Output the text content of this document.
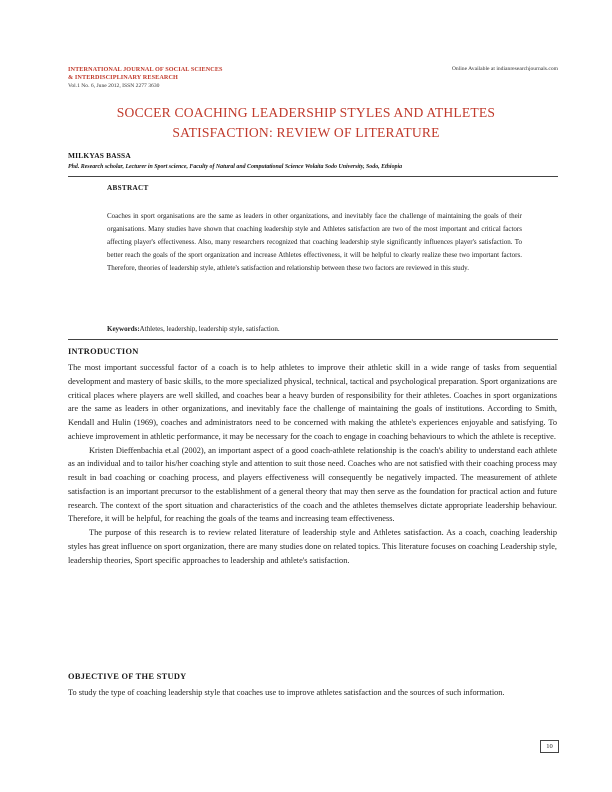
INTERNATIONAL JOURNAL OF SOCIAL SCIENCES
& INTERDISCIPLINARY RESEARCH
Vol.1 No. 6, June 2012, ISSN 2277 3630
Online Available at indianresearchjournals.com
SOCCER COACHING LEADERSHIP STYLES AND ATHLETES
SATISFACTION: REVIEW OF LITERATURE
MILKYAS BASSA
Phd. Research scholar, Lecturer in Sport science, Faculty of Natural and Computational Science Wolaita Sodo University, Sodo, Ethiopia
ABSTRACT
Coaches in sport organisations are the same as leaders in other organizations, and inevitably face the challenge of maintaining the goals of their organisations. Many studies have shown that coaching leadership style and Athletes satisfaction are two of the most important and critical factors affecting player's effectiveness. Also, many researchers recognized that coaching leadership style significantly influences player's satisfaction. To better reach the goals of the sport organization and increase Athletes effectiveness, it will be helpful to clearly realize these two important factors. Therefore, theories of leadership style, athlete's satisfaction and relationship between these two factors are reviewed in this study.
Keywords:Athletes, leadership, leadership style, satisfaction.
INTRODUCTION

The most important successful factor of a coach is to help athletes to improve their athletic skill in a wide range of tasks from sequential development and mastery of basic skills, to the more specialized physical, technical, tactical and psychological preparation. Sport organizations are critical places where players are well skilled, and coaches bear a heavy burden of responsibility for their athletes. Coaches in sport organizations are the same as leaders in other organizations, and inevitably face the challenge of maintaining the goals of institutions. According to Smith, Kendall and Hulin (1969), coaches and administrators need to be concerned with making the athlete's experiences enjoyable and satisfying. To achieve improvement in athletic performance, it may be necessary for the coach to engage in coaching behaviours to which the athlete is receptive.

Kristen Dieffenbachia et.al (2002), an important aspect of a good coach-athlete relationship is the coach's ability to understand each athlete as an individual and to tailor his/her coaching style and attention to suit those need. Coaches who are not satisfied with their coaching process may result in bad coaching or coaching process, and players effectiveness will consequently be negatively impacted. The measurement of athlete satisfaction is an important precursor to the establishment of a general theory that may then serve as the foundation for practical action and future research. The context of the sport situation and characteristics of the coach and the athletes themselves dictate appropriate leadership behaviour. Therefore, it will be helpful, for reaching the goals of the teams and increasing team effectiveness.

The purpose of this research is to review related literature of leadership style and Athletes satisfaction. As a coach, coaching leadership styles has great influence on sport organization, there are many studies done on related topics. This literature focuses on coaching Leadership style, leadership theories, Sport specific approaches to leadership and athlete's satisfaction.

OBJECTIVE OF THE STUDY

To study the type of coaching leadership style that coaches use to improve athletes satisfaction and the sources of such information.

10
